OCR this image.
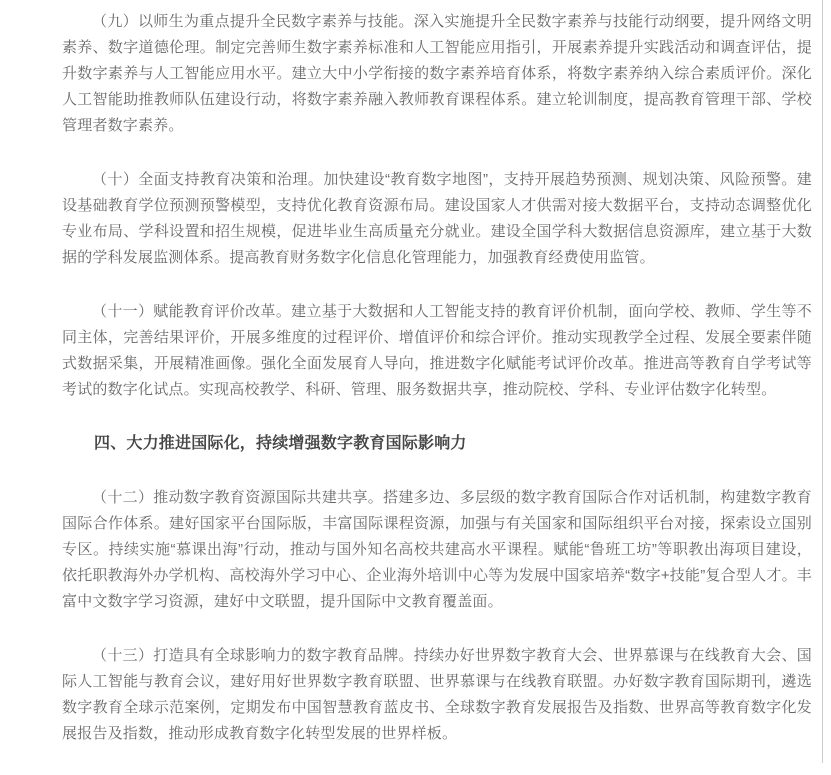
（九）以师生为重点提升全民数字素养与技能。深入实施提升全民数字素养与技能行动纲要，提升网络文明素养、数字道德伦理。制定完善师生数字素养标准和人工智能应用指引，开展素养提升实践活动和调查评估，提升数字素养与人工智能应用水平。建立大中小学衔接的数字素养培育体系，将数字素养纳入综合素质评价。深化人工智能助推教师队伍建设行动，将数字素养融入教师教育课程体系。建立轮训制度，提高教育管理干部、学校管理者数字素养。

（十）全面支持教育决策和治理。加快建设“教育数字地图”，支持开展趋势预测、规划决策、风险预警。建设基础教育学位预测预警模型，支持优化教育资源布局。建设国家人才供需对接大数据平台，支持动态调整优化专业布局、学科设置和招生规模，促进毕业生高质量充分就业。建设全国学科大数据信息资源库，建立基于大数据的学科发展监测体系。提高教育财务数字化信息化管理能力，加强教育经费使用监管。

（十一）赋能教育评价改革。建立基于大数据和人工智能支持的教育评价机制，面向学校、教师、学生等不同主体，完善结果评价，开展多维度的过程评价、增值评价和综合评价。推动实现教学全过程、发展全要素伴随式数据采集，开展精准画像。强化全面发展育人导向，推进数字化赋能考试评价改革。推进高等教育自学考试等考试的数字化试点。实现高校教学、科研、管理、服务数据共享，推动院校、学科、专业评估数字化转型。

四、大力推进国际化，持续增强数字教育国际影响力

（十二）推动数字教育资源国际共建共享。搭建多边、多层级的数字教育国际合作对话机制，构建数字教育国际合作体系。建好国家平台国际版，丰富国际课程资源，加强与有关国家和国际组织平台对接，探索设立国别专区。持续实施“慕课出海”行动，推动与国外知名高校共建高水平课程。赋能“鲁班工坊”等职教出海项目建设，依托职教海外办学机构、高校海外学习中心、企业海外培训中心等为发展中国家培养“数字+技能”复合型人才。丰富中文数字学习资源，建好中文联盟，提升国际中文教育覆盖面。

（十三）打造具有全球影响力的数字教育品牌。持续办好世界数字教育大会、世界慕课与在线教育大会、国际人工智能与教育会议，建好用好世界数字教育联盟、世界慕课与在线教育联盟。办好数字教育国际期刊，遴选数字教育全球示范案例，定期发布中国智慧教育蓝皮书、全球数字教育发展报告及指数、世界高等教育数字化发展报告及指数，推动形成教育数字化转型发展的世界样板。
